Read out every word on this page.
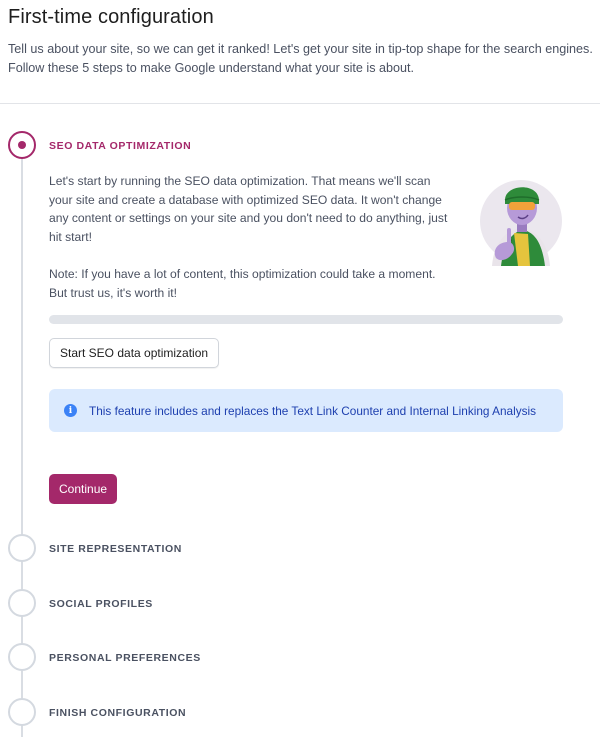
First-time configuration

Tell us about your site, so we can get it ranked! Let's get your site in tip-top shape for the search engines. Follow these 5 steps to make Google understand what your site is about.

SEO DATA OPTIMIZATION

Let's start by running the SEO data optimization. That means we'll scan your site and create a database with optimized SEO data. It won't change any content or settings on your site and you don't need to do anything, just hit start!

Note: If you have a lot of content, this optimization could take a moment. But trust us, it's worth it!

Start SEO data optimization
i	This feature includes and replaces the Text Link Counter and Internal Linking Analysis
Continue
SITE REPRESENTATION
SOCIAL PROFILES
PERSONAL PREFERENCES
FINISH CONFIGURATION
